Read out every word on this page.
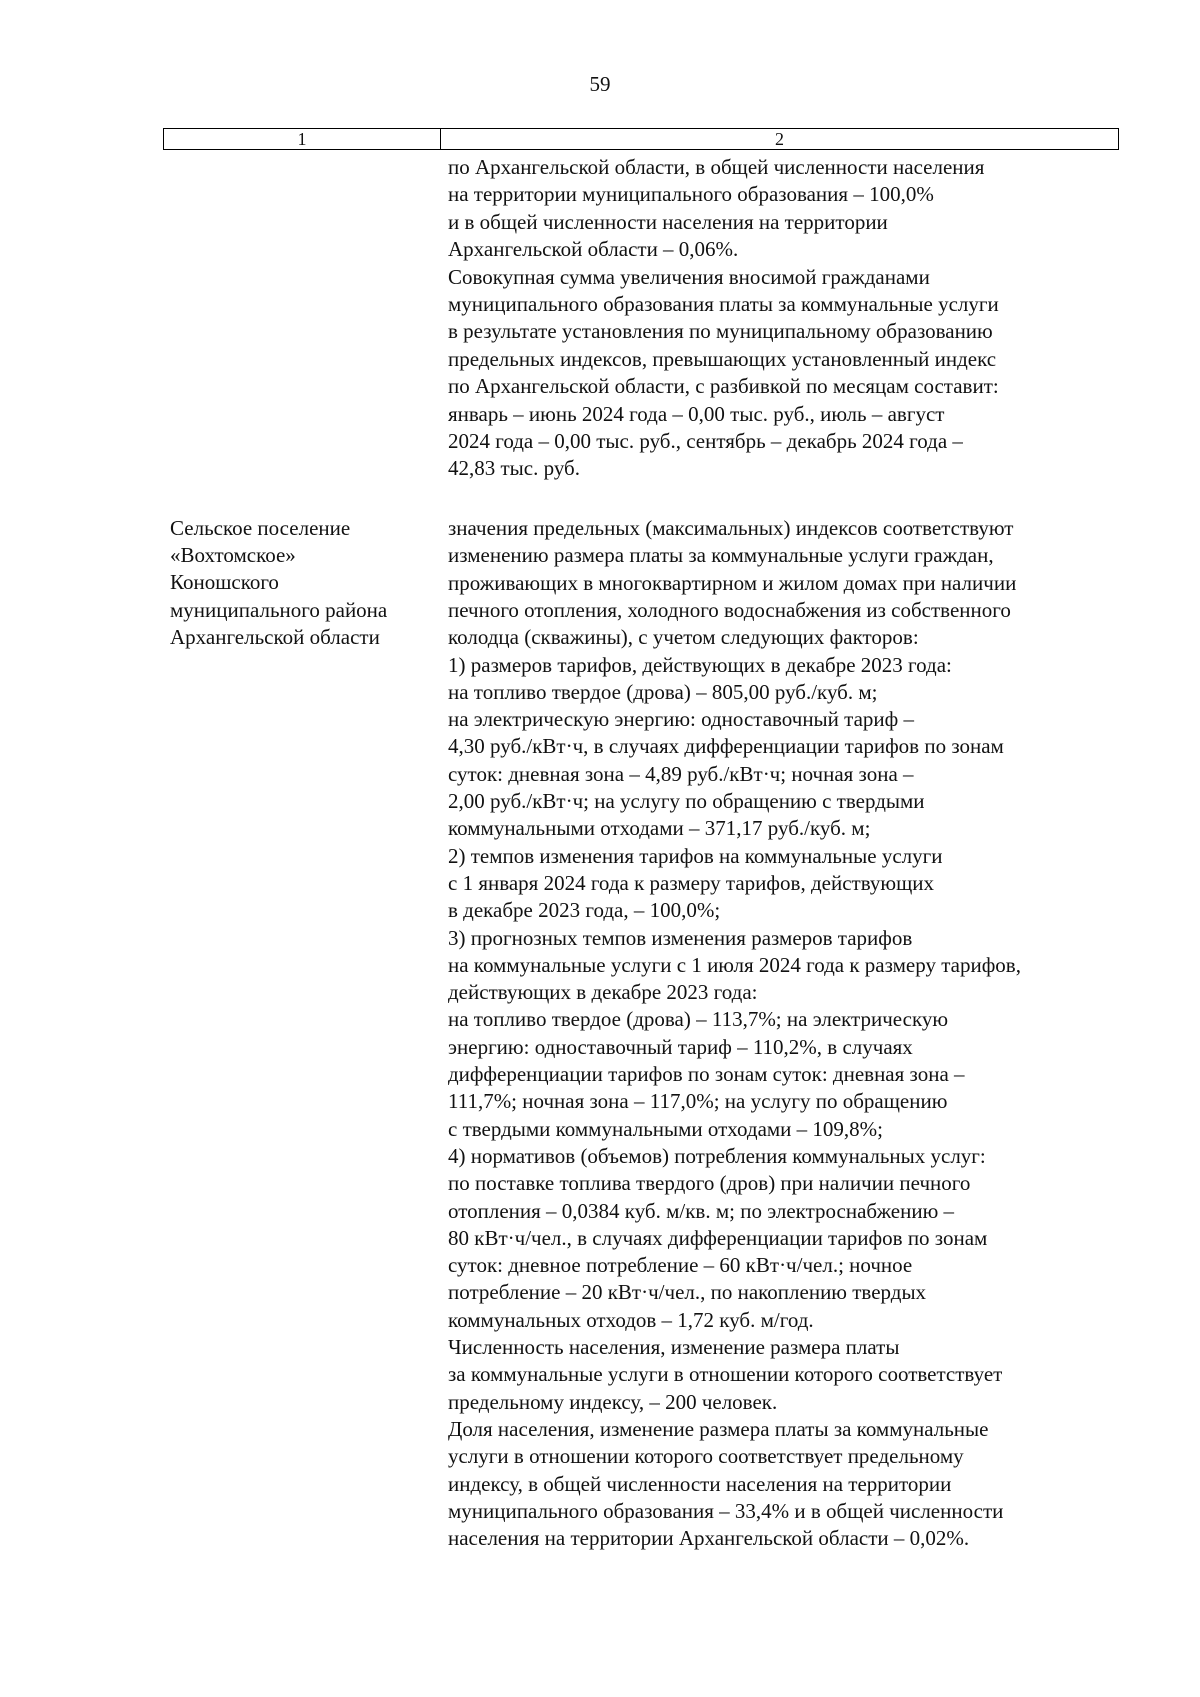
59
1	2
по Архангельской области, в общей численности населения
на территории муниципального образования – 100,0%
и в общей численности населения на территории
Архангельской области – 0,06%.
Совокупная сумма увеличения вносимой гражданами
муниципального образования платы за коммунальные услуги
в результате установления по муниципальному образованию
предельных индексов, превышающих установленный индекс
по Архангельской области, с разбивкой по месяцам составит:
январь – июнь 2024 года – 0,00 тыс. руб., июль – август
2024 года – 0,00 тыс. руб., сентябрь – декабрь 2024 года –
42,83 тыс. руб.
Сельское поселение
«Вохтомское»
Коношского
муниципального района
Архангельской области
значения предельных (максимальных) индексов соответствуют
изменению размера платы за коммунальные услуги граждан,
проживающих в многоквартирном и жилом домах при наличии
печного отопления, холодного водоснабжения из собственного
колодца (скважины), с учетом следующих факторов:
1) размеров тарифов, действующих в декабре 2023 года:
на топливо твердое (дрова) – 805,00 руб./куб. м;
на электрическую энергию: одноставочный тариф –
4,30 руб./кВт·ч, в случаях дифференциации тарифов по зонам
суток: дневная зона – 4,89 руб./кВт·ч; ночная зона –
2,00 руб./кВт·ч; на услугу по обращению с твердыми
коммунальными отходами – 371,17 руб./куб. м;
2) темпов изменения тарифов на коммунальные услуги
с 1 января 2024 года к размеру тарифов, действующих
в декабре 2023 года, – 100,0%;
3) прогнозных темпов изменения размеров тарифов
на коммунальные услуги с 1 июля 2024 года к размеру тарифов,
действующих в декабре 2023 года:
на топливо твердое (дрова) – 113,7%; на электрическую
энергию: одноставочный тариф – 110,2%, в случаях
дифференциации тарифов по зонам суток: дневная зона –
111,7%; ночная зона – 117,0%; на услугу по обращению
с твердыми коммунальными отходами – 109,8%;
4) нормативов (объемов) потребления коммунальных услуг:
по поставке топлива твердого (дров) при наличии печного
отопления – 0,0384 куб. м/кв. м; по электроснабжению –
80 кВт·ч/чел., в случаях дифференциации тарифов по зонам
суток: дневное потребление – 60 кВт·ч/чел.; ночное
потребление – 20 кВт·ч/чел., по накоплению твердых
коммунальных отходов – 1,72 куб. м/год.
Численность населения, изменение размера платы
за коммунальные услуги в отношении которого соответствует
предельному индексу, – 200 человек.
Доля населения, изменение размера платы за коммунальные
услуги в отношении которого соответствует предельному
индексу, в общей численности населения на территории
муниципального образования – 33,4% и в общей численности
населения на территории Архангельской области – 0,02%.
